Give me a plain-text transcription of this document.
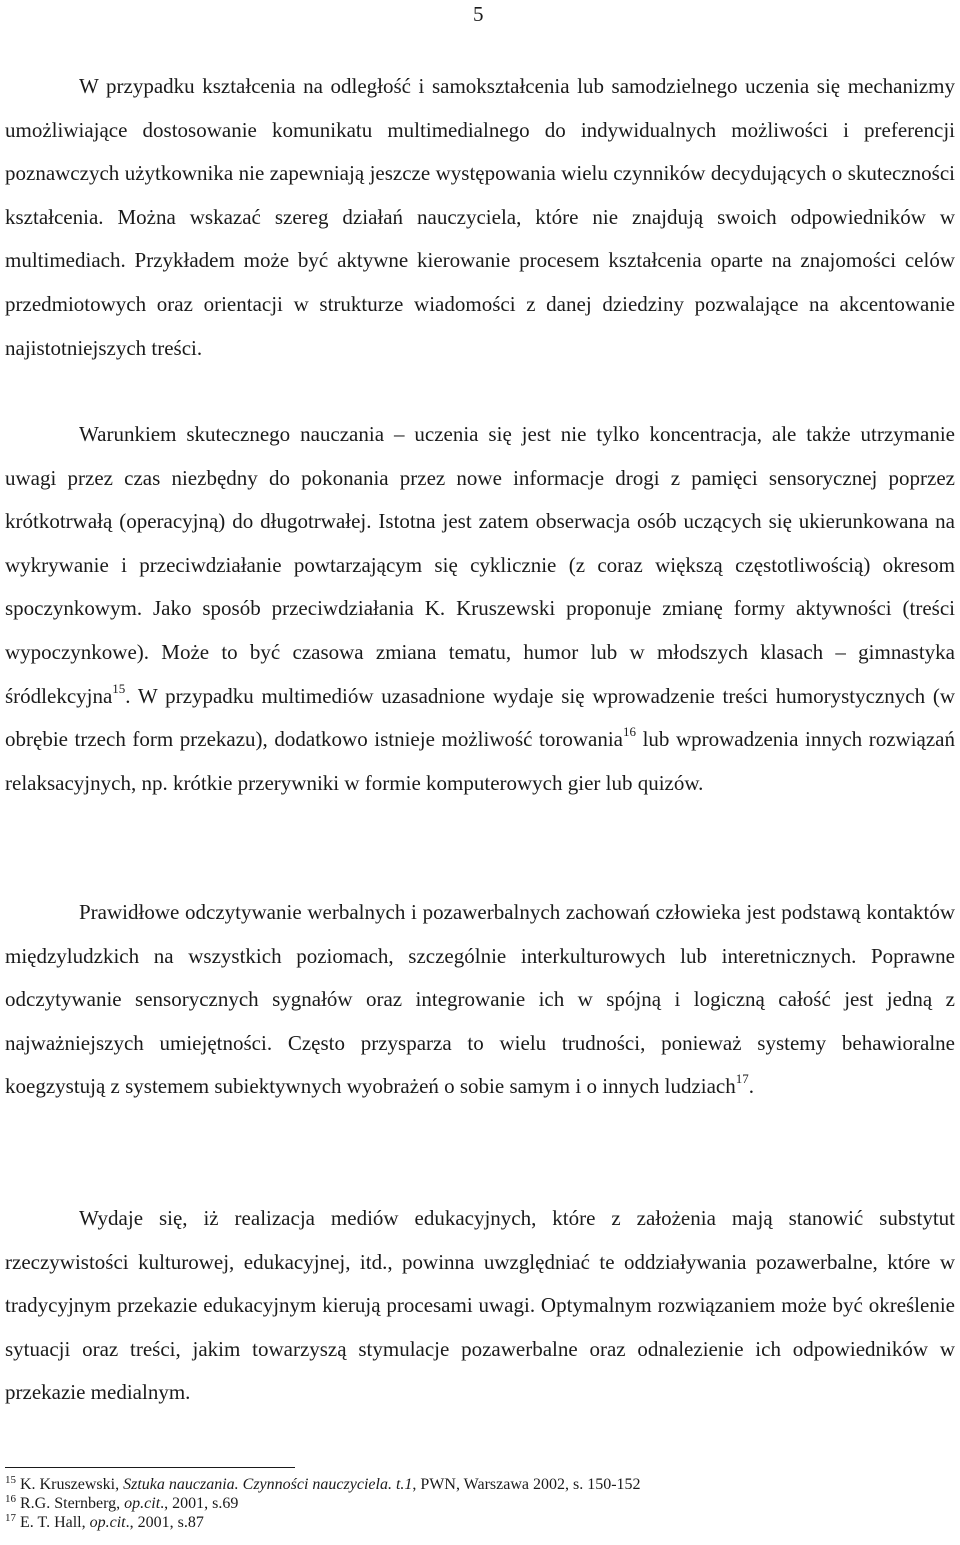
5

W przypadku kształcenia na odległość i samokształcenia lub samodzielnego uczenia się mechanizmy umożliwiające dostosowanie komunikatu multimedialnego do indywidualnych możliwości i preferencji poznawczych użytkownika nie zapewniają jeszcze występowania wielu czynników decydujących o skuteczności kształcenia. Można wskazać szereg działań nauczyciela, które nie znajdują swoich odpowiedników w multimediach. Przykładem może być aktywne kierowanie procesem kształcenia oparte na znajomości celów przedmiotowych oraz orientacji w strukturze wiadomości z danej dziedziny pozwalające na akcentowanie najistotniejszych treści.

Warunkiem skutecznego nauczania – uczenia się jest nie tylko koncentracja, ale także utrzymanie uwagi przez czas niezbędny do pokonania przez nowe informacje drogi z pamięci sensorycznej poprzez krótkotrwałą (operacyjną) do długotrwałej. Istotna jest zatem obserwacja osób uczących się ukierunkowana na wykrywanie i przeciwdziałanie powtarzającym się cyklicznie (z coraz większą częstotliwością) okresom spoczynkowym. Jako sposób przeciwdziałania K. Kruszewski proponuje zmianę formy aktywności (treści wypoczynkowe). Może to być czasowa zmiana tematu, humor lub w młodszych klasach – gimnastyka śródlekcyjna$^{15}$. W przypadku multimediów uzasadnione wydaje się wprowadzenie treści humorystycznych (w obrębie trzech form przekazu), dodatkowo istnieje możliwość torowania$^{16}$ lub wprowadzenia innych rozwiązań relaksacyjnych, np. krótkie przerywniki w formie komputerowych gier lub quizów.

Prawidłowe odczytywanie werbalnych i pozawerbalnych zachowań człowieka jest podstawą kontaktów międzyludzkich na wszystkich poziomach, szczególnie interkulturowych lub interetnicznych. Poprawne odczytywanie sensorycznych sygnałów oraz integrowanie ich w spójną i logiczną całość jest jedną z najważniejszych umiejętności. Często przysparza to wielu trudności, ponieważ systemy behawioralne koegzystują z systemem subiektywnych wyobrażeń o sobie samym i o innych ludziach$^{17}$.

Wydaje się, iż realizacja mediów edukacyjnych, które z założenia mają stanowić substytut rzeczywistości kulturowej, edukacyjnej, itd., powinna uwzględniać te oddziaływania pozawerbalne, które w tradycyjnym przekazie edukacyjnym kierują procesami uwagi. Optymalnym rozwiązaniem może być określenie sytuacji oraz treści, jakim towarzyszą stymulacje pozawerbalne oraz odnalezienie ich odpowiedników w przekazie medialnym.

$^{15}$ K. Kruszewski, Sztuka nauczania. Czynności nauczyciela. t.1, PWN, Warszawa 2002, s. 150-152
$^{16}$ R.G. Sternberg, op.cit., 2001, s.69
$^{17}$ E. T. Hall, op.cit., 2001, s.87
